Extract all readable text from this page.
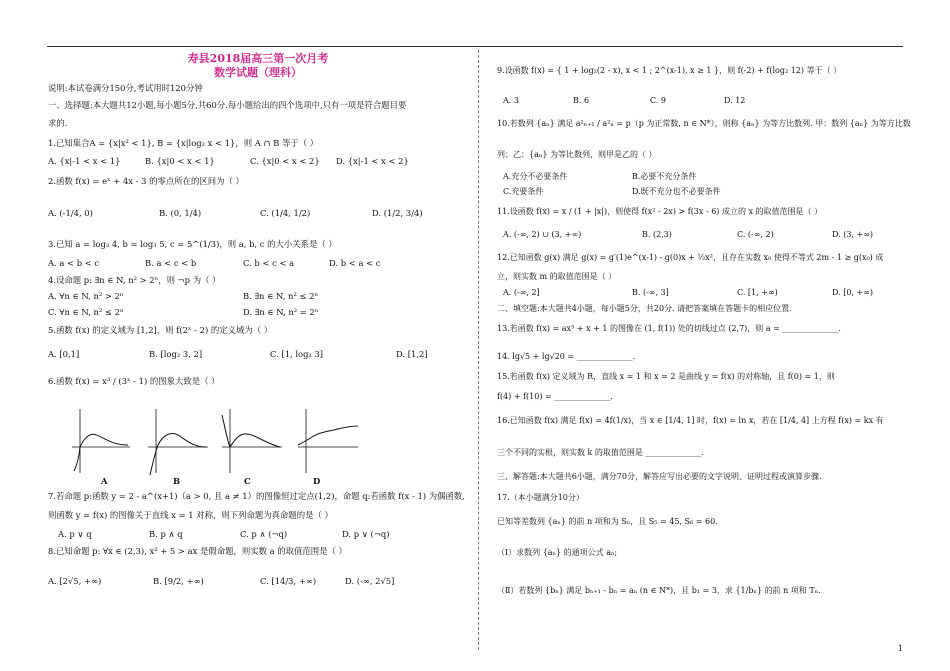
寿县2018届高三第一次月考
数学试题（理科）
说明:本试卷满分150分,考试用时120分钟
一、选择题:本大题共12小题,每小题5分,共60分.每小题给出的四个选项中,只有一项是符合题目要
求的.
1.已知集合A = {x|x² < 1}, B = {x|log₂ x < 1}，则 A ∩ B 等于（ ）
A. {x|-1 < x < 1}	B. {x|0 < x < 1}	C. {x|0 < x < 2} D. {x|-1 < x < 2}
2.函数 f(x) = eˣ + 4x - 3 的零点所在的区间为（ ）
A. (-1/4, 0)	B. (0, 1/4)	C. (1/4, 1/2)	D. (1/2, 3/4)
3.已知 a = log₃ 4, b = log₃ 5, c = 5^(1/3)，则 a, b, c 的大小关系是（ ）
A. a < b < c	B. a < c < b	C. b < c < a	D. b < a < c
4.设命题 p: ∃n ∈ N, n² > 2ⁿ，则 ¬p 为（ ）
A. ∀n ∈ N, n² > 2ⁿ	B. ∃n ∈ N, n² ≤ 2ⁿ
C. ∀n ∈ N, n² ≤ 2ⁿ	D. ∃n ∈ N, n² = 2ⁿ
5.函数 f(x) 的定义域为 [1,2]，则 f(2ˣ - 2) 的定义域为（ ）
A. [0,1]	B. [log₂ 3, 2]	C. [1, log₂ 3]	D. [1,2]
6.函数 f(x) = x³ / (3ˣ - 1) 的图象大致是（ ）
A	B	C	D
7.若命题 p:函数 y = 2 - a^(x+1)（a > 0, 且 a ≠ 1）的图像恒过定点(1,2)，命题 q:若函数 f(x - 1) 为偶函数,
则函数 y = f(x) 的图像关于直线 x = 1 对称，则下列命题为真命题的是（ ）
A. p ∨ q	B. p ∧ q	C. p ∧ (¬q)	D. p ∨ (¬q)
8.已知命题 p: ∀x ∈ (2,3), x² + 5 > ax 是假命题，则实数 a 的取值范围是（ ）
A. [2√5, +∞)	B. [9/2, +∞)	C. [14/3, +∞)	D. (-∞, 2√5]
9.设函数 f(x) = { 1 + log₂(2 - x), x < 1 ; 2^(x-1), x ≥ 1 }，则 f(-2) + f(log₂ 12) 等于（ ）
A. 3	B. 6	C. 9	D. 12
10.若数列 {aₙ} 满足 a²ₙ₊₁ / a²ₙ = p（p 为正常数, n ∈ N*），则称 {aₙ} 为等方比数列. 甲：数列 {aₙ} 为等方比数
列；乙：{aₙ} 为等比数列，则甲是乙的（ ）
A.充分不必要条件	B.必要不充分条件
C.充要条件	D.既不充分也不必要条件
11.设函数 f(x) = x / (1 + |x|)，则使得 f(x² - 2x) > f(3x - 6) 成立的 x 的取值范围是（ ）
A. (-∞, 2) ∪ (3, +∞)	B. (2,3)	C. (-∞, 2)	D. (3, +∞)
12.已知函数 g(x) 满足 g(x) = g′(1)e^(x-1) - g(0)x + ½x²，且存在实数 x₀ 使得不等式 2m - 1 ≥ g(x₀) 成
立，则实数 m 的取值范围是（ ）
A. (-∞, 2]	B. (-∞, 3]	C. [1, +∞)	D. [0, +∞)
二、填空题:本大题共4小题，每小题5分，共20分. 请把答案填在答题卡的相应位置.
13.若函数 f(x) = ax³ + x + 1 的图像在 (1, f(1)) 处的切线过点 (2,7)，则 a = ______________.
14. lg√5 + lg√20 = ______________.
15.若函数 f(x) 定义域为 R，直线 x = 1 和 x = 2 是曲线 y = f(x) 的对称轴，且 f(0) = 1，则
f(4) + f(10) = ______________.
16.已知函数 f(x) 满足 f(x) = 4f(1/x)，当 x ∈ [1/4, 1] 时，f(x) = ln x，若在 [1/4, 4] 上方程 f(x) = kx 有
三个不同的实根，则实数 k 的取值范围是 ______________.
三、解答题:本大题共6小题，满分70分，解答应写出必要的文字说明、证明过程或演算步骤.
17.（本小题满分10分）
已知等差数列 {aₙ} 的前 n 项和为 Sₙ，且 S₅ = 45, S₆ = 60.
（Ⅰ）求数列 {aₙ} 的通项公式 aₙ;
（Ⅱ）若数列 {bₙ} 满足 bₙ₊₁ - bₙ = aₙ (n ∈ N*)，且 b₁ = 3，求 {1/bₙ} 的前 n 项和 Tₙ.
1
